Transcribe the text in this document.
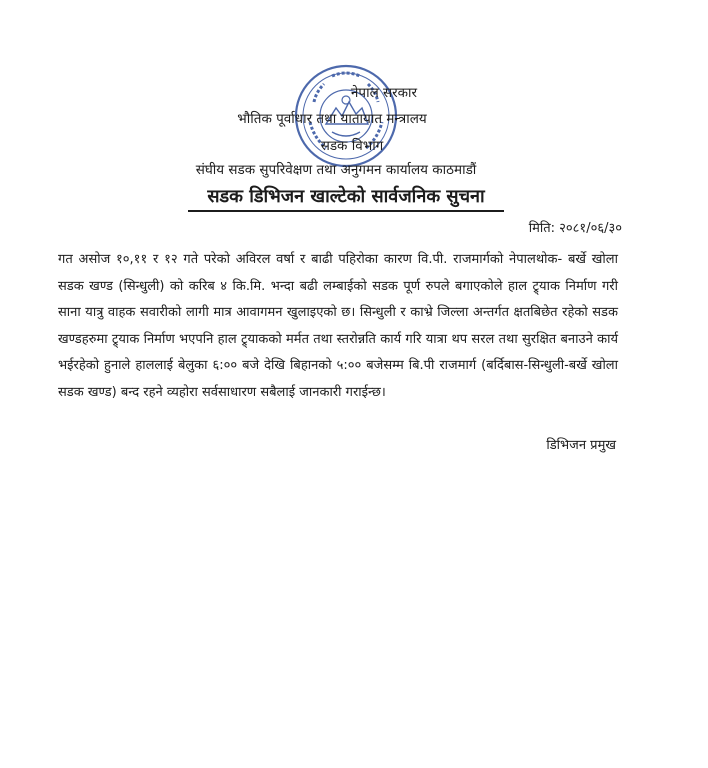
नेपाल सरकार
भौतिक पूर्वाधार तथा यातायात मन्त्रालय
सडक विभाग
संघीय सडक सुपरिवेक्षण तथा अनुगमन कार्यालय काठमाडौं
सडक डिभिजन खाल्टेको सार्वजनिक सुचना
मिति: २०८१/०६/३०
गत असोज १०,११ र १२ गते परेको अविरल वर्षा र बाढी पहिरोका कारण वि.पी. राजमार्गको नेपालथोक- बर्खे खोला सडक खण्ड (सिन्धुली) को करिब ४ कि.मि. भन्दा बढी लम्बाईको सडक पूर्ण रुपले बगाएकोले हाल ट्र्याक निर्माण गरी साना यात्रु वाहक सवारीको लागी मात्र आवागमन खुलाइएको छ। सिन्धुली र काभ्रे जिल्ला अन्तर्गत क्षतबिछेत रहेको सडक खण्डहरुमा ट्र्याक निर्माण भएपनि हाल ट्र्याकको मर्मत तथा स्तरोन्नति कार्य गरि यात्रा थप सरल तथा सुरक्षित बनाउने कार्य भईरहेको हुनाले हाललाई बेलुका ६:०० बजे देखि बिहानको ५:०० बजेसम्म बि.पी राजमार्ग (बर्दिबास-सिन्धुली-बर्खे खोला सडक खण्ड) बन्द रहने व्यहोरा सर्वसाधारण सबैलाई जानकारी गराईन्छ।
डिभिजन प्रमुख
